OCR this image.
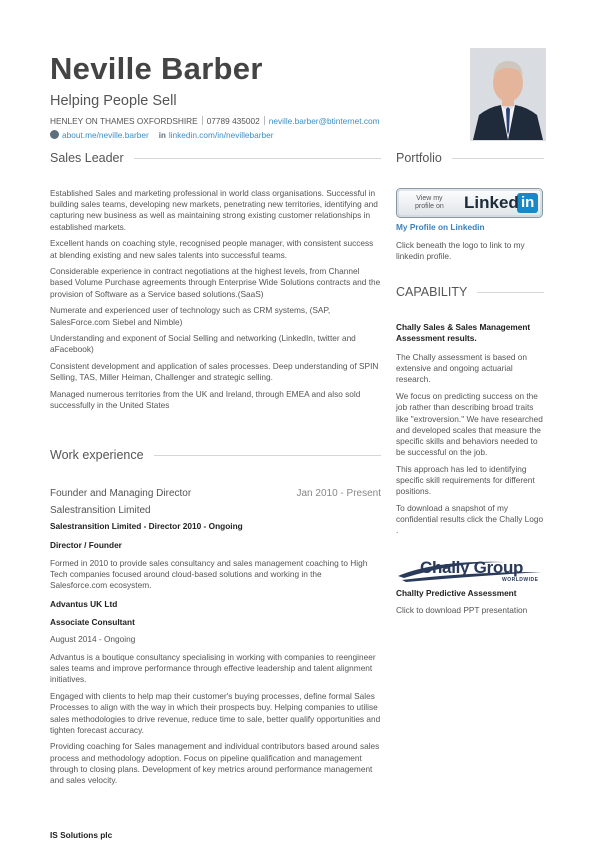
Neville Barber
Helping People Sell
HENLEY ON THAMES OXFORDSHIRE 07789 435002 neville.barber@btinternet.com
about.me/neville.barber in linkedin.com/in/nevillebarber
Sales Leader

Established Sales and marketing professional in world class organisations. Successful in building sales teams, developing new markets, penetrating new territories, identifying and capturing new business as well as maintaining strong existing customer relationships in established markets.

Excellent hands on coaching style, recognised people manager, with consistent success at blending existing and new sales talents into successful teams.

Considerable experience in contract negotiations at the highest levels, from Channel based Volume Purchase agreements through Enterprise Wide Solutions contracts and the provision of Software as a Service based solutions.(SaaS)

Numerate and experienced user of technology such as CRM systems, (SAP, SalesForce.com Siebel and Nimble)

Understanding and exponent of Social Selling and networking (LinkedIn, twitter and aFacebook)

Consistent development and application of sales processes. Deep understanding of SPIN Selling, TAS, Miller Heiman, Challenger and strategic selling.

Managed numerous territories from the UK and Ireland, through EMEA and also sold successfully in the United States

Work experience
Founder and Managing Director	Jan 2010 - Present
Salestransition Limited
Salestransition Limited - Director 2010 - Ongoing
Director / Founder
Formed in 2010 to provide sales consultancy and sales management coaching to High Tech companies focused around cloud-based solutions and working in the Salesforce.com ecosystem.
Advantus UK Ltd
Associate Consultant
August 2014 - Ongoing

Advantus is a boutique consultancy specialising in working with companies to reengineer sales teams and improve performance through effective leadership and talent alignment initiatives.

Engaged with clients to help map their customer's buying processes, define formal Sales Processes to align with the way in which their prospects buy. Helping companies to utilise sales methodologies to drive revenue, reduce time to sale, better qualify opportunities and tighten forecast accuracy.

Providing coaching for Sales management and individual contributors based around sales process and methodology adoption. Focus on pipeline qualification and management through to closing plans. Development of key metrics around performance management and sales velocity.

IS Solutions plc
Portfolio
View my
profile on Linked in
My Profile on Linkedin
Click beneath the logo to link to my linkedin profile.
CAPABILITY
Chally Sales & Sales Management Assessment results.

The Chally assessment is based on extensive and ongoing actuarial research.

We focus on predicting success on the job rather than describing broad traits like "extroversion." We have researched and developed scales that measure the specific skills and behaviors needed to be successful on the job.

This approach has led to identifying specific skill requirements for different positions.

To download a snapshot of my confidential results click the Chally Logo .

Chally Group
WORLDWIDE
Challty Predictive Assessment
Click to download PPT presentation
